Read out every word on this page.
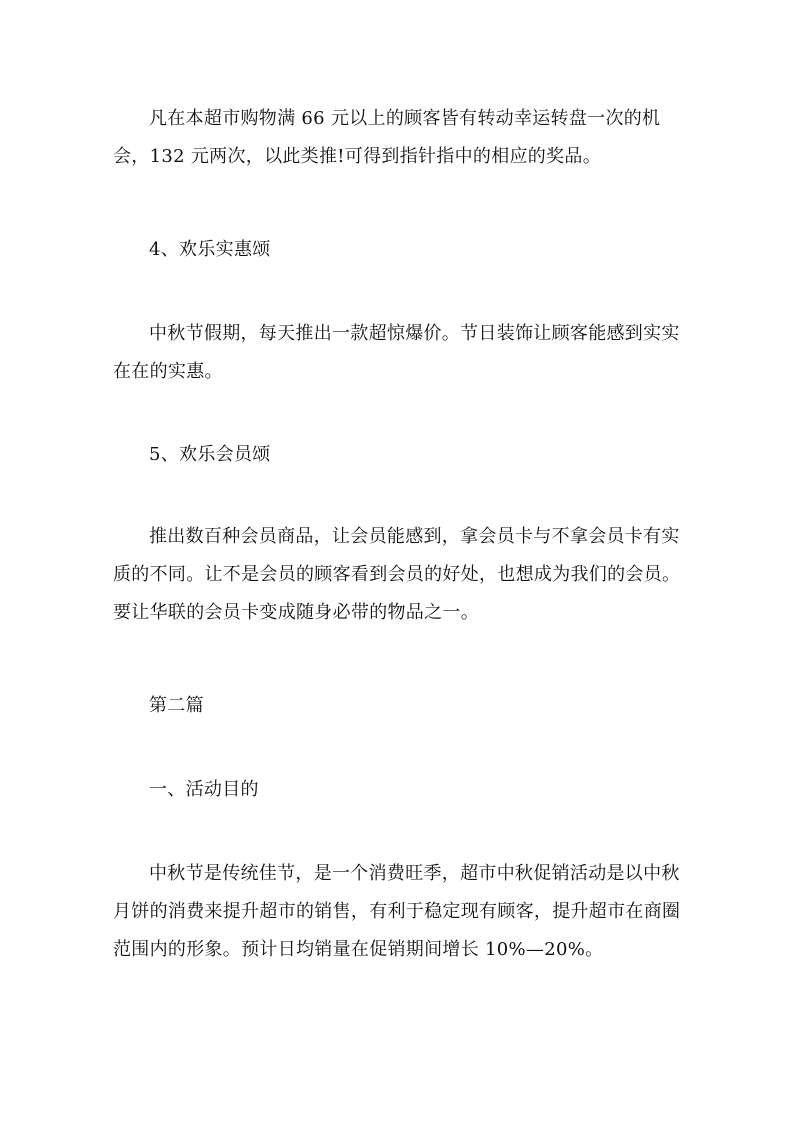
凡在本超市购物满 66 元以上的顾客皆有转动幸运转盘一次的机会，132 元两次，以此类推!可得到指针指中的相应的奖品。

4、欢乐实惠颂

中秋节假期，每天推出一款超惊爆价。节日装饰让顾客能感到实实在在的实惠。

5、欢乐会员颂

推出数百种会员商品，让会员能感到，拿会员卡与不拿会员卡有实质的不同。让不是会员的顾客看到会员的好处，也想成为我们的会员。要让华联的会员卡变成随身必带的物品之一。

第二篇

一、活动目的

中秋节是传统佳节，是一个消费旺季，超市中秋促销活动是以中秋月饼的消费来提升超市的销售，有利于稳定现有顾客，提升超市在商圈范围内的形象。预计日均销量在促销期间增长 10%—20%。
